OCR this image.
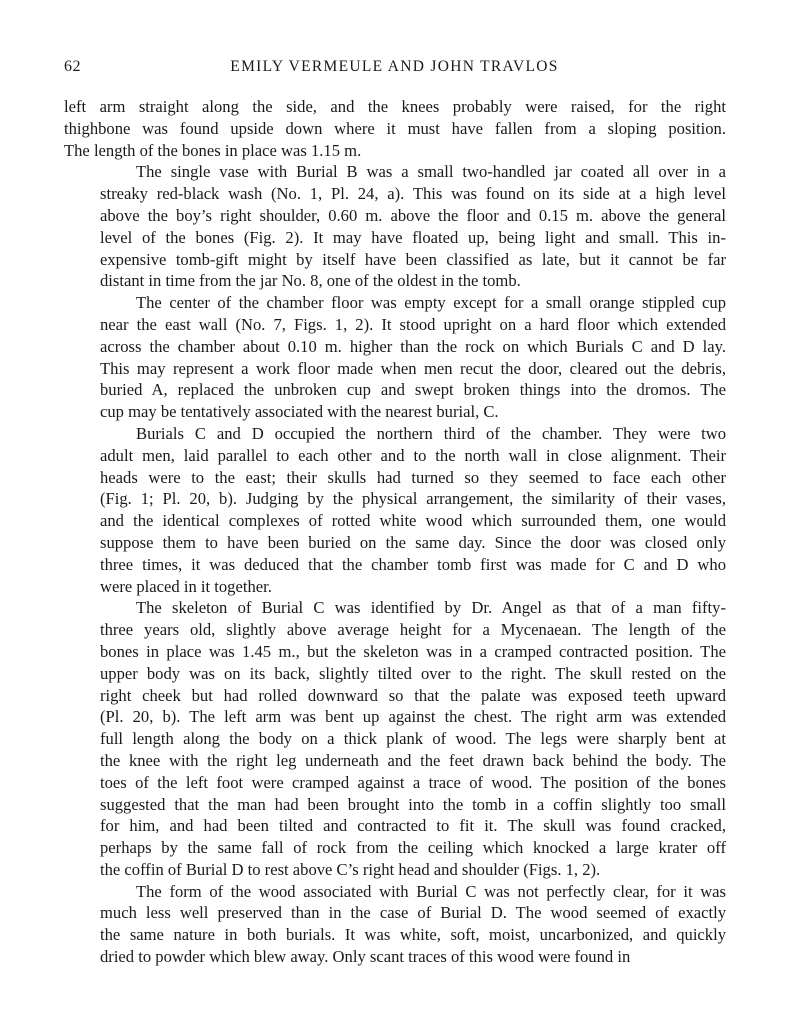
62	EMILY VERMEULE AND JOHN TRAVLOS

left arm straight along the side, and the knees probably were raised, for the right
thighbone was found upside down where it must have fallen from a sloping position.
The length of the bones in place was 1.15 m.

The single vase with Burial B was a small two-handled jar coated all over in a
streaky red-black wash (No. 1, Pl. 24, a). This was found on its side at a high level
above the boy’s right shoulder, 0.60 m. above the floor and 0.15 m. above the general
level of the bones (Fig. 2). It may have floated up, being light and small. This in-
expensive tomb-gift might by itself have been classified as late, but it cannot be far
distant in time from the jar No. 8, one of the oldest in the tomb.

The center of the chamber floor was empty except for a small orange stippled cup
near the east wall (No. 7, Figs. 1, 2). It stood upright on a hard floor which extended
across the chamber about 0.10 m. higher than the rock on which Burials C and D lay.
This may represent a work floor made when men recut the door, cleared out the debris,
buried A, replaced the unbroken cup and swept broken things into the dromos. The
cup may be tentatively associated with the nearest burial, C.

Burials C and D occupied the northern third of the chamber. They were two
adult men, laid parallel to each other and to the north wall in close alignment. Their
heads were to the east; their skulls had turned so they seemed to face each other
(Fig. 1; Pl. 20, b). Judging by the physical arrangement, the similarity of their vases,
and the identical complexes of rotted white wood which surrounded them, one would
suppose them to have been buried on the same day. Since the door was closed only
three times, it was deduced that the chamber tomb first was made for C and D who
were placed in it together.

The skeleton of Burial C was identified by Dr. Angel as that of a man fifty-
three years old, slightly above average height for a Mycenaean. The length of the
bones in place was 1.45 m., but the skeleton was in a cramped contracted position. The
upper body was on its back, slightly tilted over to the right. The skull rested on the
right cheek but had rolled downward so that the palate was exposed teeth upward
(Pl. 20, b). The left arm was bent up against the chest. The right arm was extended
full length along the body on a thick plank of wood. The legs were sharply bent at
the knee with the right leg underneath and the feet drawn back behind the body. The
toes of the left foot were cramped against a trace of wood. The position of the bones
suggested that the man had been brought into the tomb in a coffin slightly too small
for him, and had been tilted and contracted to fit it. The skull was found cracked,
perhaps by the same fall of rock from the ceiling which knocked a large krater off
the coffin of Burial D to rest above C’s right head and shoulder (Figs. 1, 2).

The form of the wood associated with Burial C was not perfectly clear, for it was
much less well preserved than in the case of Burial D. The wood seemed of exactly
the same nature in both burials. It was white, soft, moist, uncarbonized, and quickly
dried to powder which blew away. Only scant traces of this wood were found in
